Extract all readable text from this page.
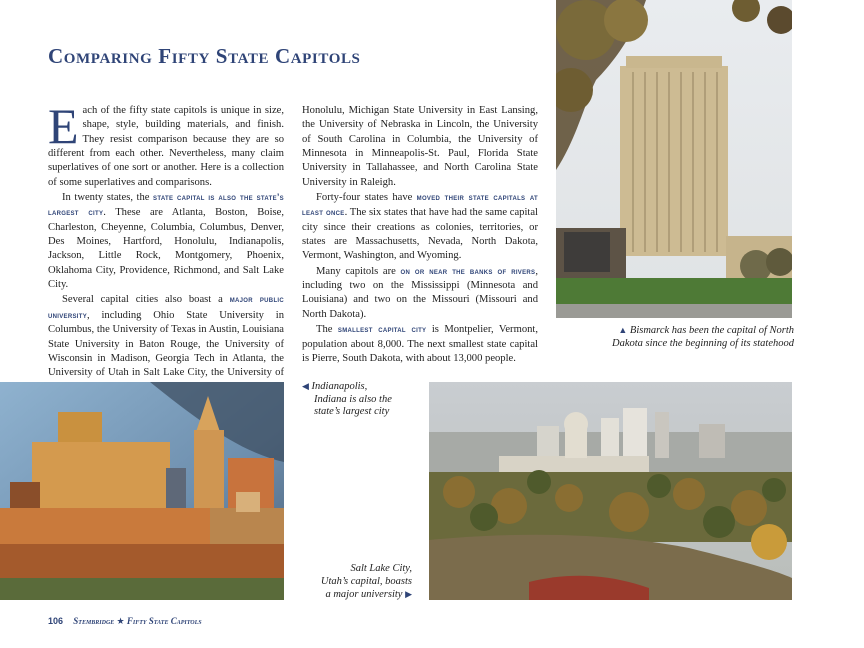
Comparing Fifty State Capitols

Each of the fifty state capitols is unique in size, shape, style, building materials, and finish. They resist comparison because they are so different from each other. Nevertheless, many claim superlatives of one sort or another. Here is a collection of some superlatives and comparisons.

In twenty states, the state capital is also the state’s largest city. These are Atlanta, Boston, Boise, Charleston, Cheyenne, Columbia, Columbus, Denver, Des Moines, Hartford, Honolulu, Indianapolis, Jackson, Little Rock, Montgomery, Phoenix, Oklahoma City, Providence, Richmond, and Salt Lake City.

Several capital cities also boast a major public university, including Ohio State University in Columbus, the University of Texas in Austin, Louisiana State University in Baton Rouge, the University of Wisconsin in Madison, Georgia Tech in Atlanta, the University of Utah in Salt Lake City, the University of

Honolulu, Michigan State University in East Lansing, the University of Nebraska in Lincoln, the University of South Carolina in Columbia, the University of Minnesota in Minneapolis-St. Paul, Florida State University in Tallahassee, and North Carolina State University in Raleigh.

Forty-four states have moved their state capitals at least once. The six states that have had the same capital city since their creations as colonies, territories, or states are Massachusetts, Nevada, North Dakota, Vermont, Washington, and Wyoming.

Many capitols are on or near the banks of rivers, including two on the Mississippi (Minnesota and Louisiana) and two on the Missouri (Missouri and North Dakota).

The smallest capital city is Montpelier, Vermont, population about 8,000. The next smallest state capital is Pierre, South Dakota, with about 13,000 people.

▲ Bismarck has been the capital of North
Dakota since the beginning of its statehood
◀ Indianapolis,
Indiana is also the
state’s largest city
Salt Lake City,
Utah’s capital, boasts
a major university ▶
106 Stembridge ★ Fifty State Capitols
